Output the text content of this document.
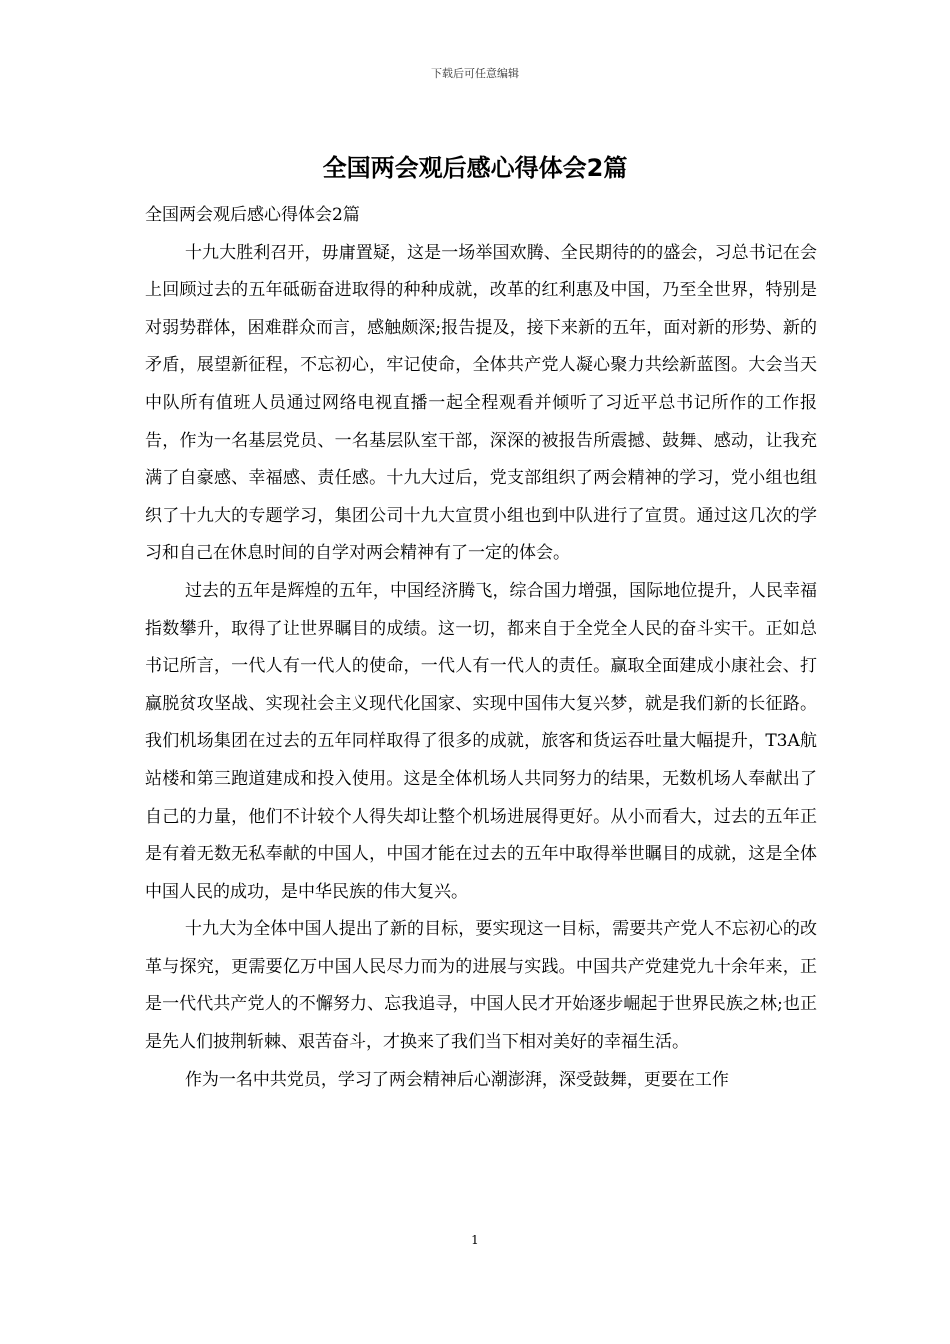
下载后可任意编辑
全国两会观后感心得体会2篇

全国两会观后感心得体会2篇

十九大胜利召开，毋庸置疑，这是一场举国欢腾、全民期待的的盛会，习总书记在会上回顾过去的五年砥砺奋进取得的种种成就，改革的红利惠及中国，乃至全世界，特别是对弱势群体，困难群众而言，感触颇深;报告提及，接下来新的五年，面对新的形势、新的矛盾，展望新征程，不忘初心，牢记使命，全体共产党人凝心聚力共绘新蓝图。大会当天中队所有值班人员通过网络电视直播一起全程观看并倾听了习近平总书记所作的工作报告，作为一名基层党员、一名基层队室干部，深深的被报告所震撼、鼓舞、感动，让我充满了自豪感、幸福感、责任感。十九大过后，党支部组织了两会精神的学习，党小组也组织了十九大的专题学习，集团公司十九大宣贯小组也到中队进行了宣贯。通过这几次的学习和自己在休息时间的自学对两会精神有了一定的体会。

过去的五年是辉煌的五年，中国经济腾飞，综合国力增强，国际地位提升，人民幸福指数攀升，取得了让世界瞩目的成绩。这一切，都来自于全党全人民的奋斗实干。正如总书记所言，一代人有一代人的使命，一代人有一代人的责任。赢取全面建成小康社会、打赢脱贫攻坚战、实现社会主义现代化国家、实现中国伟大复兴梦，就是我们新的长征路。我们机场集团在过去的五年同样取得了很多的成就，旅客和货运吞吐量大幅提升，T3A航站楼和第三跑道建成和投入使用。这是全体机场人共同努力的结果，无数机场人奉献出了自己的力量，他们不计较个人得失却让整个机场进展得更好。从小而看大，过去的五年正是有着无数无私奉献的中国人，中国才能在过去的五年中取得举世瞩目的成就，这是全体中国人民的成功，是中华民族的伟大复兴。

十九大为全体中国人提出了新的目标，要实现这一目标，需要共产党人不忘初心的改革与探究，更需要亿万中国人民尽力而为的进展与实践。中国共产党建党九十余年来，正是一代代共产党人的不懈努力、忘我追寻，中国人民才开始逐步崛起于世界民族之林;也正是先人们披荆斩棘、艰苦奋斗，才换来了我们当下相对美好的幸福生活。

作为一名中共党员，学习了两会精神后心潮澎湃，深受鼓舞，更要在工作

1
